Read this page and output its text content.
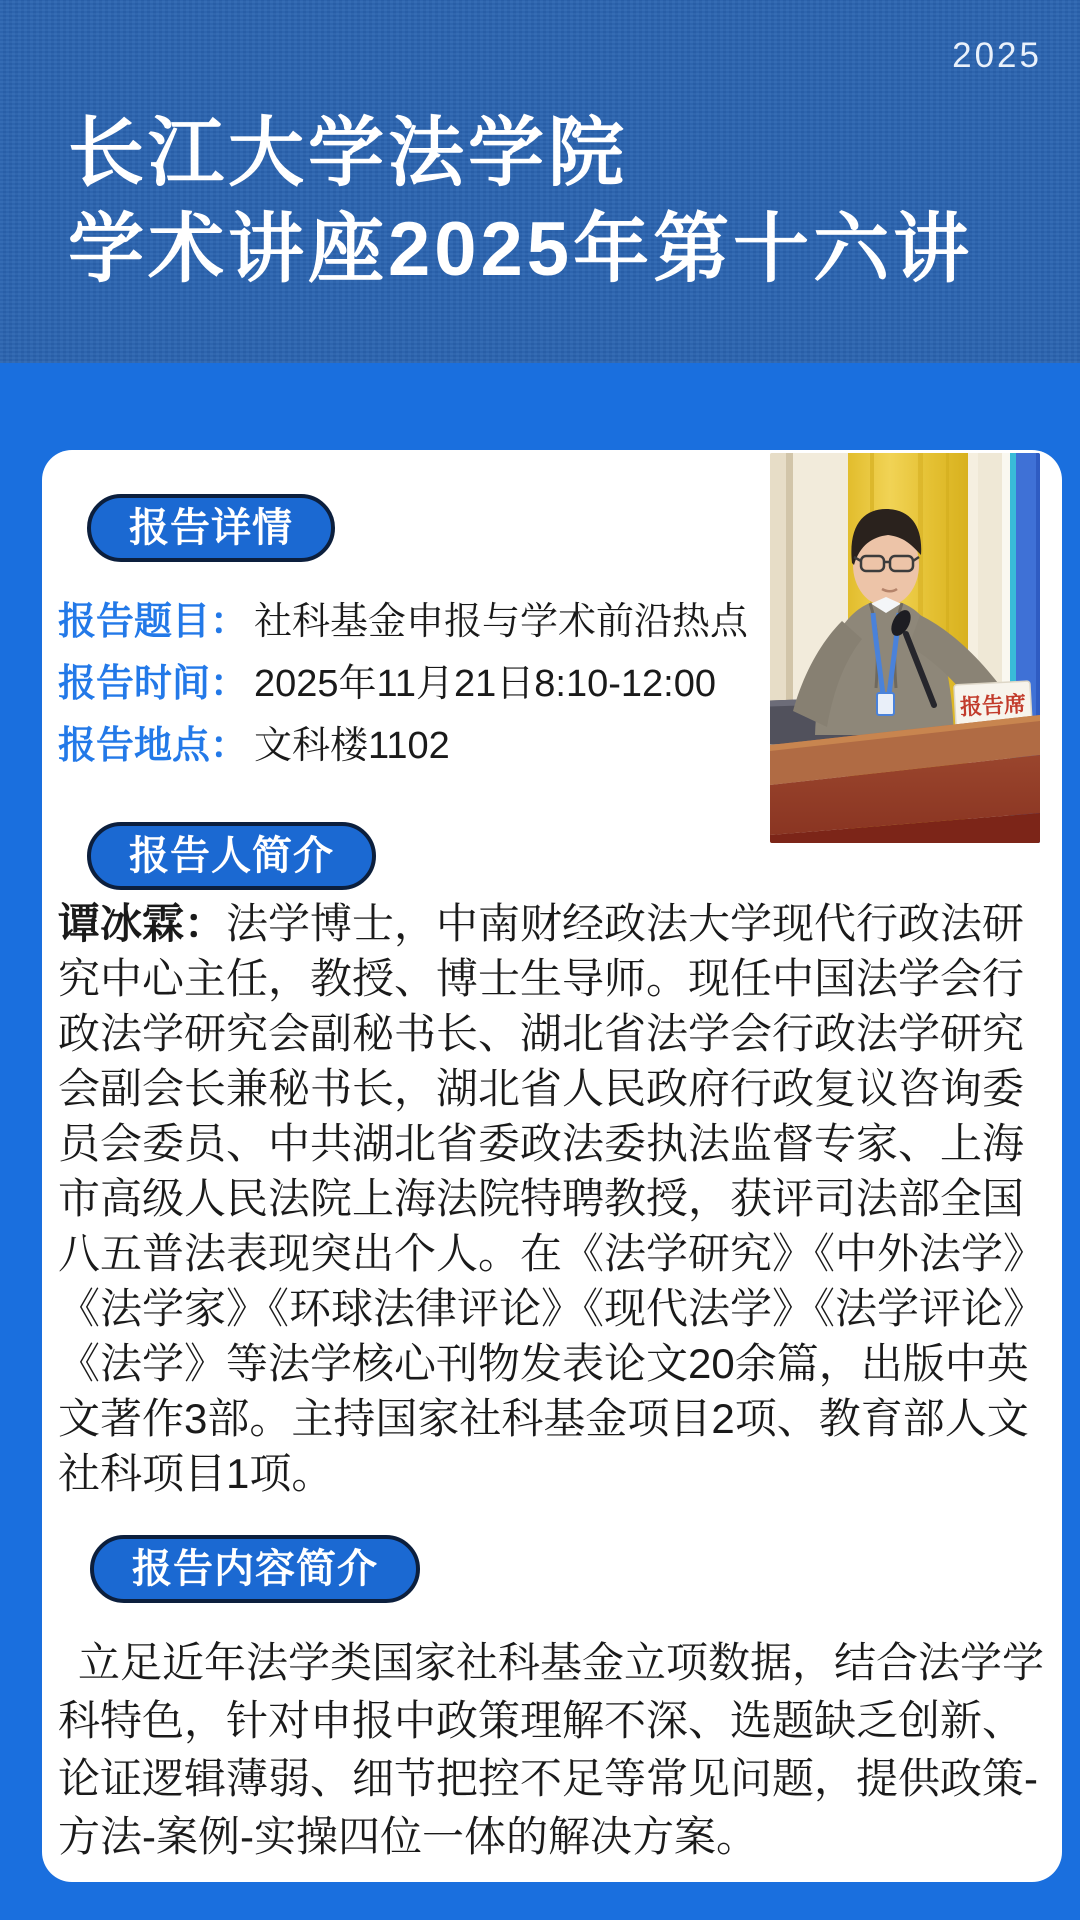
2025
长江大学法学院
学术讲座2025年第十六讲
报告详情
报告题目： 社科基金申报与学术前沿热点
报告时间： 2025年11月21日8:10-12:00
报告地点： 文科楼1102
报告席
报告人简介

谭冰霖：法学博士，中南财经政法大学现代行政法研究中心主任，教授、博士生导师。现任中国法学会行政法学研究会副秘书长、湖北省法学会行政法学研究会副会长兼秘书长，湖北省人民政府行政复议咨询委员会委员、中共湖北省委政法委执法监督专家、上海市高级人民法院上海法院特聘教授，获评司法部全国八五普法表现突出个人。在《法学研究》《中外法学》《法学家》《环球法律评论》《现代法学》《法学评论》《法学》等法学核心刊物发表论文20余篇，出版中英文著作3部。主持国家社科基金项目2项、教育部人文社科项目1项。

报告内容简介

立足近年法学类国家社科基金立项数据，结合法学学科特色，针对申报中政策理解不深、选题缺乏创新、论证逻辑薄弱、细节把控不足等常见问题，提供政策-方法-案例-实操四位一体的解决方案。
